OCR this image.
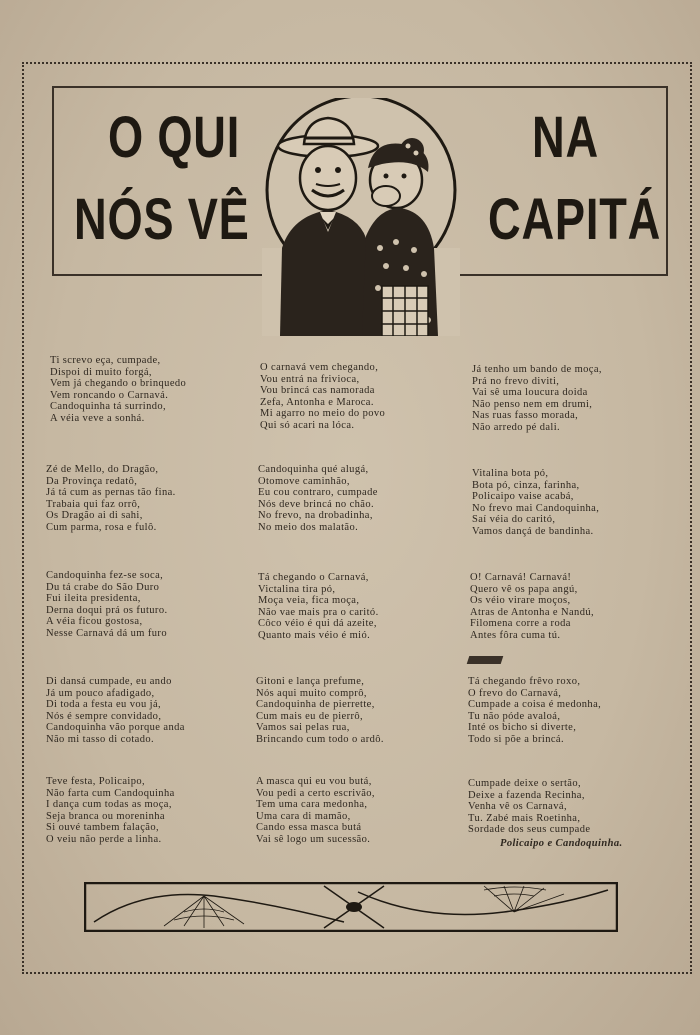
O QUI
NÓS VÊ
NA
CAPITÁ
Ti screvo eça, cumpade,
Dispoi di muito forgá,
Vem já chegando o brinquedo
Vem roncando o Carnavá.
Candoquinha tá surrindo,
A véia veve a sonhá.
Zé de Mello, do Dragão,
Da Provinça redatô,
Já tá cum as pernas tão fina.
Trabaia qui faz orrô,
Os Dragão ai di sahi,
Cum parma, rosa e fulô.
Candoquinha fez-se soca,
Du tá crabe do São Duro
Fui ileita presidenta,
Derna doqui prá os futuro.
A véia ficou gostosa,
Nesse Carnavá dá um furo
Di dansá cumpade, eu ando
Já um pouco afadigado,
Di toda a festa eu vou já,
Nós é sempre convidado,
Candoquinha vão porque anda
Não mi tasso di cotado.
Teve festa, Policaipo,
Não farta cum Candoquinha
I dança cum todas as moça,
Seja branca ou moreninha
Si ouvé tambem falação,
O veiu não perde a linha.
O carnavá vem chegando,
Vou entrá na frivioca,
Vou brincá cas namorada
Zefa, Antonha e Maroca.
Mi agarro no meio do povo
Qui só acari na lóca.
Candoquinha qué alugá,
Otomove caminhão,
Eu cou contraro, cumpade
Nós deve brincá no chão.
No frevo, na drobadinha,
No meio dos malatão.
Tá chegando o Carnavá,
Victalina tira pó,
Moça veia, fica moça,
Não vae mais pra o caritó.
Côco véio é qui dá azeite,
Quanto mais véio é mió.
Gitoni e lança prefume,
Nós aqui muito comprô,
Candoquinha de pierrette,
Cum mais eu de pierrô,
Vamos sai pelas rua,
Brincando cum todo o ardô.
A masca qui eu vou butá,
Vou pedi a certo escrivão,
Tem uma cara medonha,
Uma cara di mamão,
Cando essa masca butá
Vai sê logo um sucessão.
Já tenho um bando de moça,
Prá no frevo diviti,
Vai sê uma loucura doida
Não penso nem em drumi,
Nas ruas fasso morada,
Não arredo pé dali.
Vitalina bota pó,
Bota pó, cinza, farinha,
Policaipo vaise acabá,
No frevo mai Candoquinha,
Saí véia do caritó,
Vamos dançá de bandinha.
O! Carnavá! Carnavá!
Quero vê os papa angú,
Os véio virare moços,
Atras de Antonha e Nandú,
Filomena corre a roda
Antes fôra cuma tú.
Tá chegando frêvo roxo,
O frevo do Carnavá,
Cumpade a coisa é medonha,
Tu não póde avaloá,
Inté os bicho si diverte,
Todo si põe a brincá.
Cumpade deixe o sertão,
Deixe a fazenda Recinha,
Venha vê os Carnavá,
Tu. Zabé mais Roetinha,
Sordade dos seus cumpade
Policaipo e Candoquinha.
